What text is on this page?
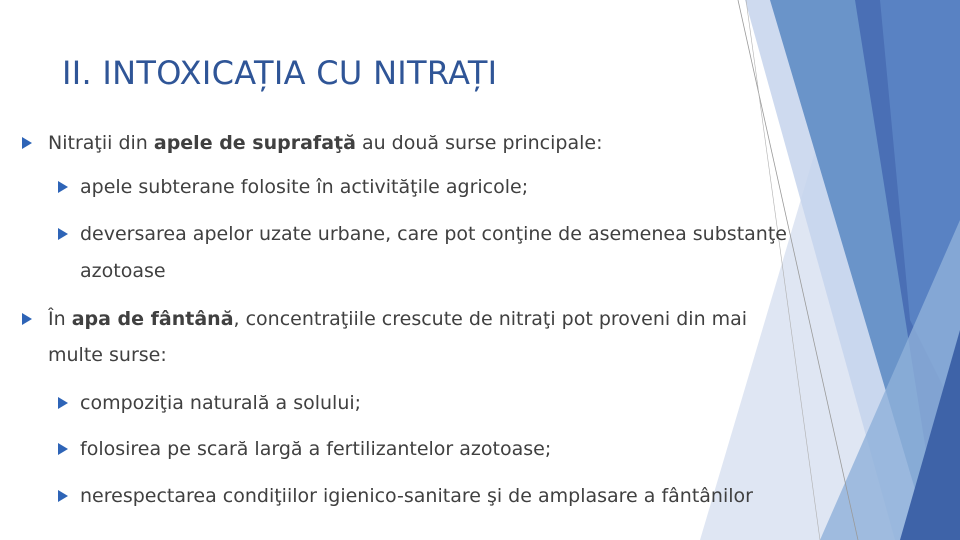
II. INTOXICAȚIA CU NITRAȚI
Nitraţii din apele de suprafaţă au două surse principale:
apele subterane folosite în activităţile agricole;
deversarea apelor uzate urbane, care pot conţine de asemenea substanţe
azotoase
În apa de fântână, concentraţiile crescute de nitraţi pot proveni din mai
multe surse:
compoziţia naturală a solului;
folosirea pe scară largă a fertilizantelor azotoase;
nerespectarea condiţiilor igienico-sanitare şi de amplasare a fântânilor
